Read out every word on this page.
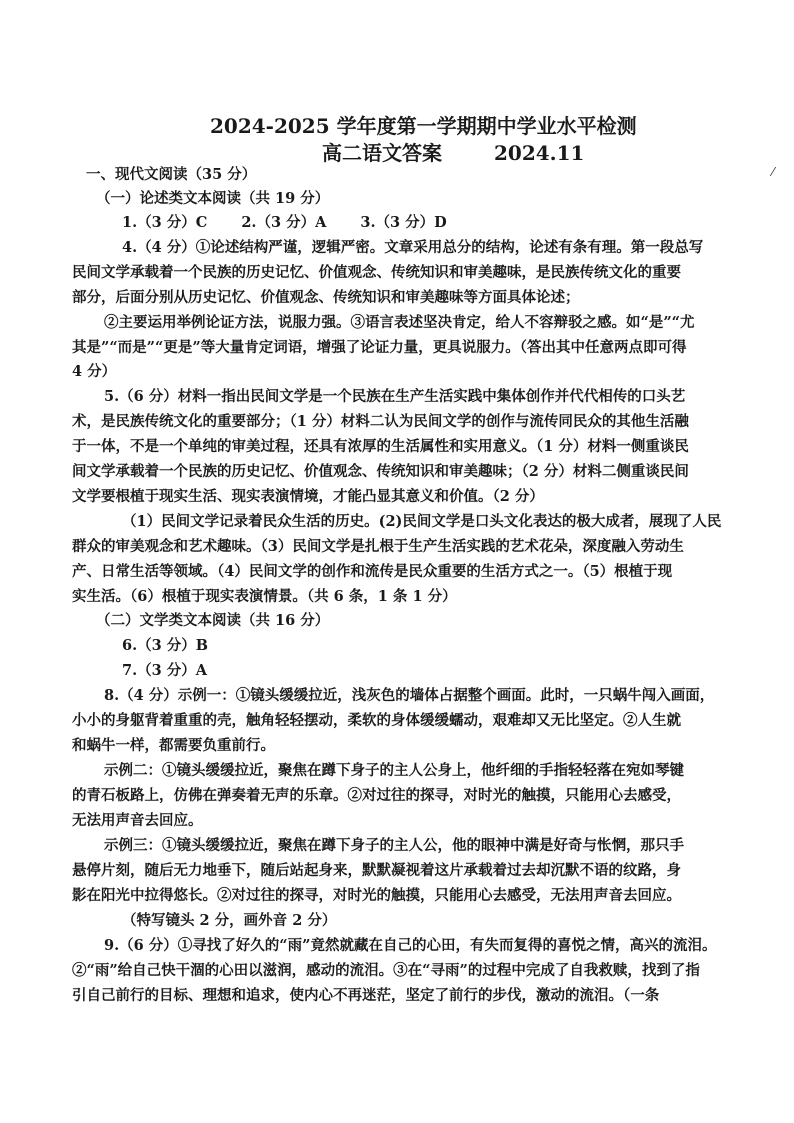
​
⁄
2024-2025 学年度第一学期期中学业水平检测
高二语文答案	2024.11
一、现代文阅读（35 分）
（一）论述类文本阅读（共 19 分）
1.（3 分）C 2.（3 分）A 3.（3 分）D
4.（4 分）①论述结构严谨，逻辑严密。文章采用总分的结构，论述有条有理。第一段总写
民间文学承载着一个民族的历史记忆、价值观念、传统知识和审美趣味，是民族传统文化的重要
部分，后面分别从历史记忆、价值观念、传统知识和审美趣味等方面具体论述；
②主要运用举例论证方法，说服力强。③语言表述坚决肯定，给人不容辩驳之感。如“是”“尤
其是”“而是”“更是”等大量肯定词语，增强了论证力量，更具说服力。（答出其中任意两点即可得
4 分）
5.（6 分）材料一指出民间文学是一个民族在生产生活实践中集体创作并代代相传的口头艺
术，是民族传统文化的重要部分；（1 分）材料二认为民间文学的创作与流传同民众的其他生活融
于一体，不是一个单纯的审美过程，还具有浓厚的生活属性和实用意义。（1 分）材料一侧重谈民
间文学承载着一个民族的历史记忆、价值观念、传统知识和审美趣味；（2 分）材料二侧重谈民间
文学要根植于现实生活、现实表演情境，才能凸显其意义和价值。（2 分）
（1）民间文学记录着民众生活的历史。(2)民间文学是口头文化表达的极大成者，展现了人民
群众的审美观念和艺术趣味。（3）民间文学是扎根于生产生活实践的艺术花朵，深度融入劳动生
产、日常生活等领域。（4）民间文学的创作和流传是民众重要的生活方式之一。（5）根植于现
实生活。（6）根植于现实表演情景。（共 6 条，1 条 1 分）
（二）文学类文本阅读（共 16 分）
6.（3 分）B
7.（3 分）A
8.（4 分）示例一：①镜头缓缓拉近，浅灰色的墙体占据整个画面。此时，一只蜗牛闯入画面，
小小的身躯背着重重的壳，触角轻轻摆动，柔软的身体缓缓蠕动，艰难却又无比坚定。②人生就
和蜗牛一样，都需要负重前行。
示例二：①镜头缓缓拉近，聚焦在蹲下身子的主人公身上，他纤细的手指轻轻落在宛如琴键
的青石板路上，仿佛在弹奏着无声的乐章。②对过往的探寻，对时光的触摸，只能用心去感受，
无法用声音去回应。
示例三：①镜头缓缓拉近，聚焦在蹲下身子的主人公，他的眼神中满是好奇与怅惘，那只手
悬停片刻，随后无力地垂下，随后站起身来，默默凝视着这片承载着过去却沉默不语的纹路，身
影在阳光中拉得悠长。②对过往的探寻，对时光的触摸，只能用心去感受，无法用声音去回应。
（特写镜头 2 分，画外音 2 分）
9.（6 分）①寻找了好久的“雨”竟然就藏在自己的心田，有失而复得的喜悦之情，高兴的流泪。
②“雨”给自己快干涸的心田以滋润，感动的流泪。③在“寻雨”的过程中完成了自我救赎，找到了指
引自己前行的目标、理想和追求，使内心不再迷茫，坚定了前行的步伐，激动的流泪。（一条
